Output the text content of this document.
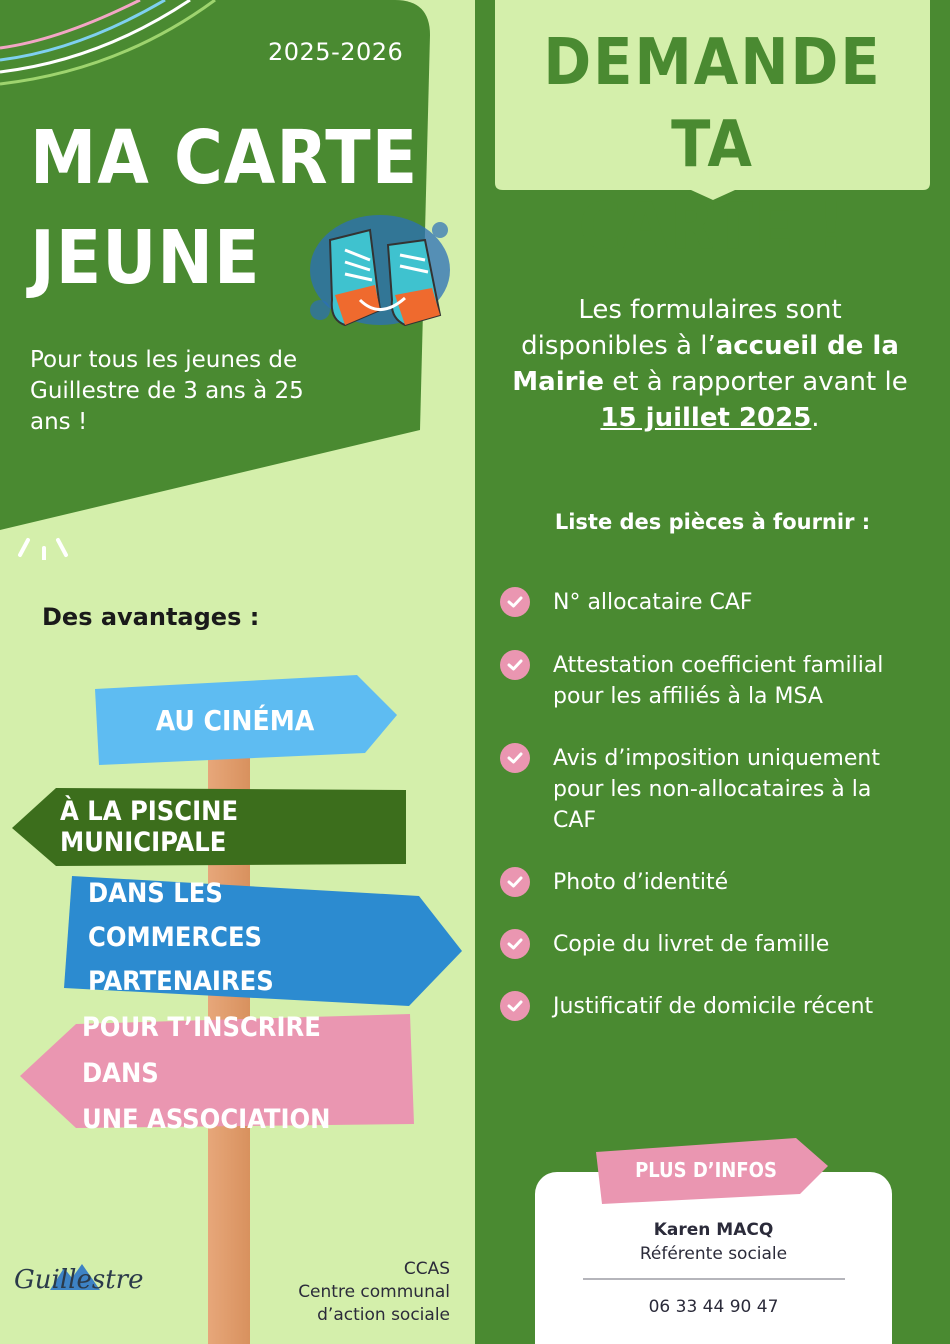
2025-2026
MA CARTE
JEUNE
Pour tous les jeunes de Guillestre de 3 ans à 25 ans !
Des avantages :
AU CINÉMA
À LA PISCINE MUNICIPALE
DANS LES COMMERCES
PARTENAIRES
POUR T’INSCRIRE DANS
UNE ASSOCIATION
DEMANDE TA
CARTE !
Les formulaires sont disponibles à l’accueil de la Mairie et à rapporter avant le 15 juillet 2025.
Liste des pièces à fournir :
N° allocataire CAF
Attestation coefficient familial pour les affiliés à la MSA
Avis d’imposition uniquement pour les non-allocataires à la CAF
Photo d’identité
Copie du livret de famille
Justificatif de domicile récent
PLUS D’INFOS
Karen MACQ
Référente sociale
06 33 44 90 47
CCAS
Centre communal
d’action sociale
Guillestre
